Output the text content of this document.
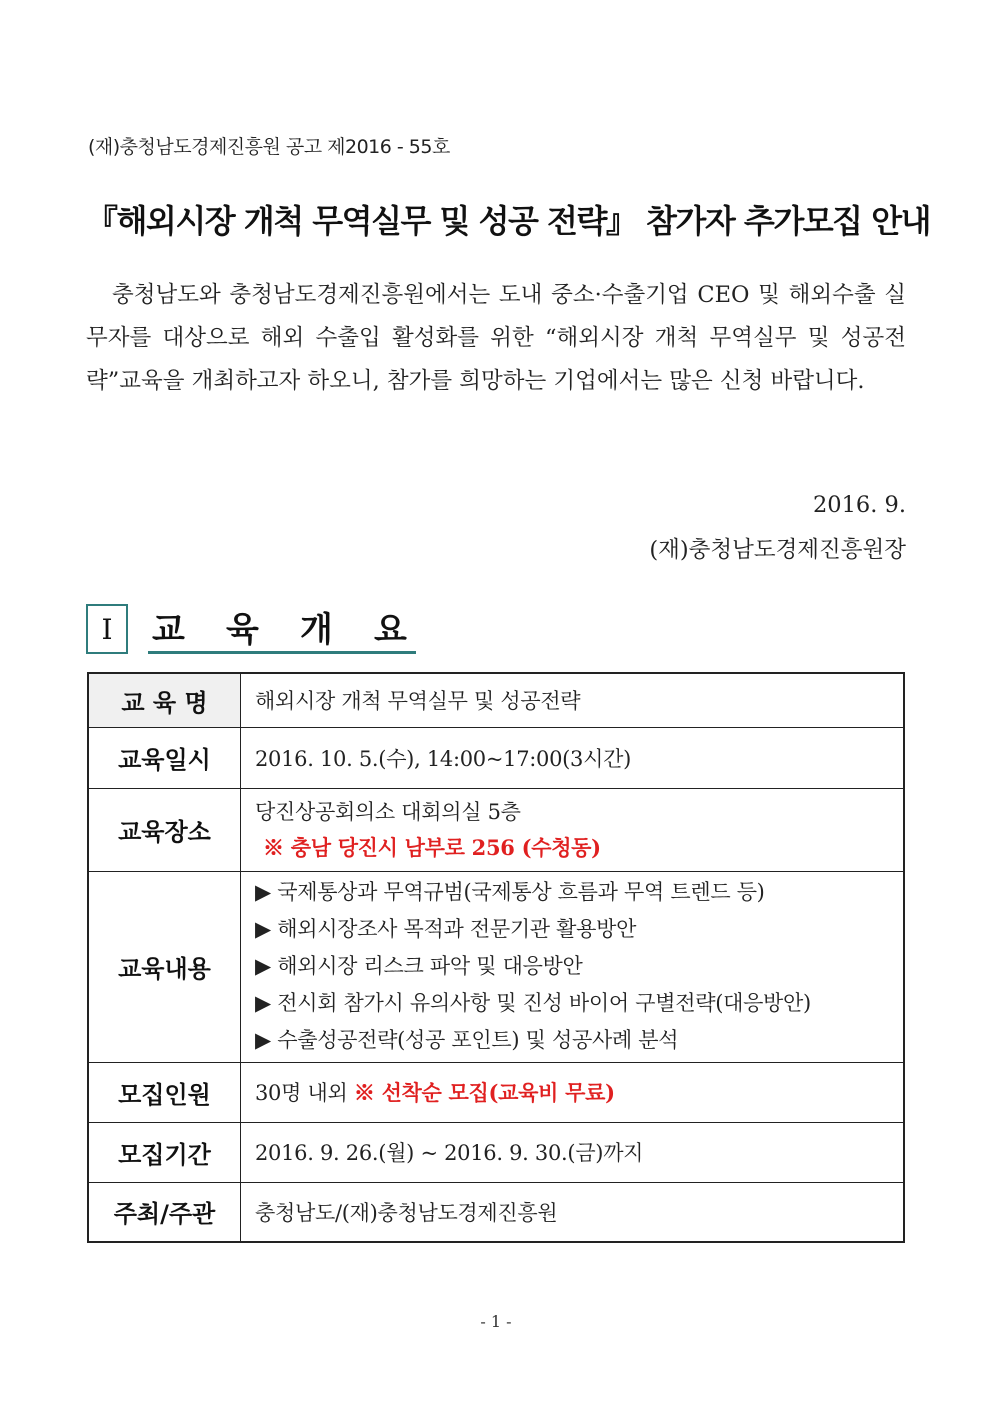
(재)충청남도경제진흥원 공고 제2016 - 55호
『해외시장 개척 무역실무 및 성공 전략』 참가자 추가모집 안내

충청남도와 충청남도경제진흥원에서는 도내 중소·수출기업 CEO 및 해외수출 실무자를 대상으로 해외 수출입 활성화를 위한 “해외시장 개척 무역실무 및 성공전략”교육을 개최하고자 하오니, 참가를 희망하는 기업에서는 많은 신청 바랍니다.

2016. 9.
(재)충청남도경제진흥원장
Ⅰ	교 육 개 요
교 육 명	해외시장 개척 무역실무 및 성공전략
교육일시	2016. 10. 5.(수), 14:00~17:00(3시간)
교육장소	당진상공회의소 대회의실 5층
※ 충남 당진시 남부로 256 (수청동)

교육내용	▶ 국제통상과 무역규범(국제통상 흐름과 무역 트렌드 등)
▶ 해외시장조사 목적과 전문기관 활용방안
▶ 해외시장 리스크 파악 및 대응방안
▶ 전시회 참가시 유의사항 및 진성 바이어 구별전략(대응방안)
▶ 수출성공전략(성공 포인트) 및 성공사례 분석

모집인원	30명 내외 ※ 선착순 모집(교육비 무료)
모집기간	2016. 9. 26.(월) ~ 2016. 9. 30.(금)까지
주최/주관	충청남도/(재)충청남도경제진흥원
- 1 -
